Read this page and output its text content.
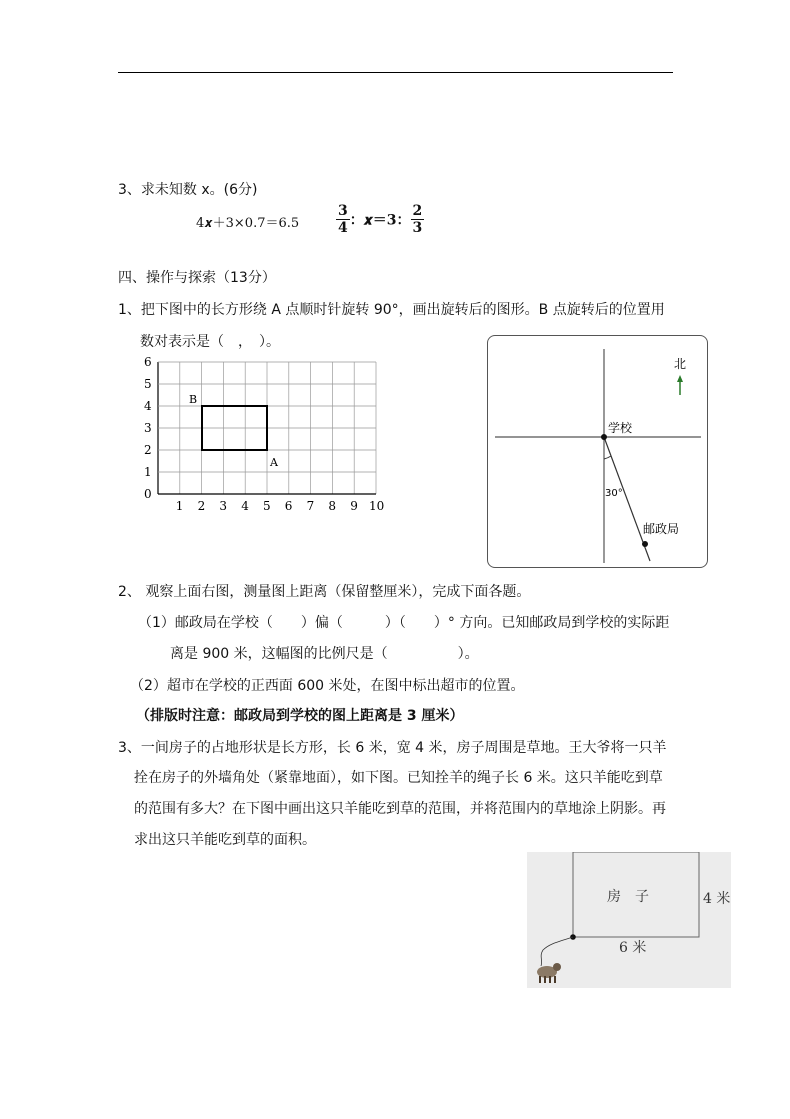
3、求未知数 x。(6分)
4𝒙＋3×0.7＝6.5	$\frac{3}{4}$ ：𝒙＝3： $\frac{2}{3}$
四、操作与探索（13分）
1、把下图中的长方形绕 A 点顺时针旋转 90°，画出旋转后的图形。B 点旋转后的位置用
数对表示是（　，　）。
1 2 3 4 5 6 7 8 9 10
0
1
2
3
4
5
6
B
A
北
学校
30°
邮政局
2、 观察上面右图，测量图上距离（保留整厘米），完成下面各题。
（1）邮政局在学校（　　）偏（　　　）（　　）° 方向。已知邮政局到学校的实际距
离是 900 米，这幅图的比例尺是（　　　　　）。
（2）超市在学校的正西面 600 米处，在图中标出超市的位置。
（排版时注意：邮政局到学校的图上距离是 3 厘米）
3、一间房子的占地形状是长方形，长 6 米，宽 4 米，房子周围是草地。王大爷将一只羊
拴在房子的外墙角处（紧靠地面），如下图。已知拴羊的绳子长 6 米。这只羊能吃到草
的范围有多大？在下图中画出这只羊能吃到草的范围，并将范围内的草地涂上阴影。再
求出这只羊能吃到草的面积。
房　子	4 米
6 米
